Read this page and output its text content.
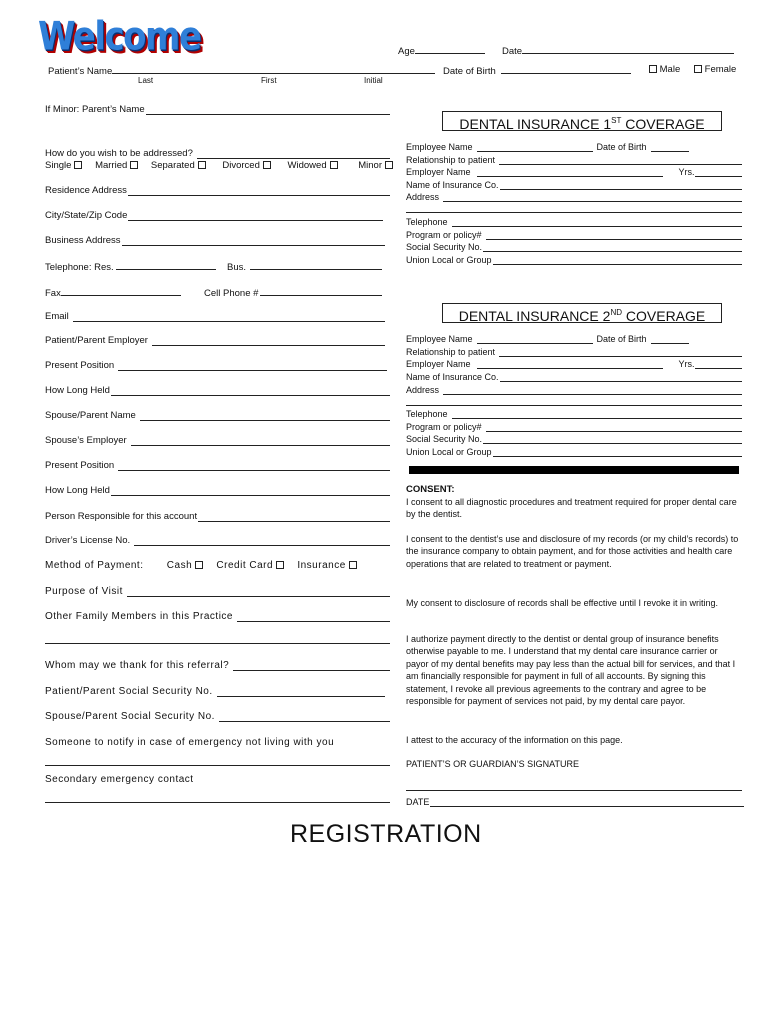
Welcome	Age	Date
Patient’s Name	Date of Birth	Male	Female
Last	First	Initial
If Minor: Parent’s Name
How do you wish to be addressed?
Single Married Separated	Divorced	Widowed	Minor
Residence Address
City/State/Zip Code
Business Address
Telephone: Res.	Bus.
Fax	Cell Phone #
Email
Patient/Parent Employer
Present Position
How Long Held
Spouse/Parent Name
Spouse’s Employer
Present Position
How Long Held
Person Responsible for this account
Driver’s License No.
Method of Payment: Cash Credit Card Insurance
Purpose of Visit
Other Family Members in this Practice
Whom may we thank for this referral?
Patient/Parent Social Security No.
Spouse/Parent Social Security No.
Someone to notify in case of emergency not living with you
Secondary emergency contact
DENTAL INSURANCE 1ST COVERAGE
Employee Name	Date of Birth
Relationship to patient
Employer Name	Yrs.
Name of Insurance Co.
Address
Telephone
Program or policy#
Social Security No.
Union Local or Group
DENTAL INSURANCE 2ND COVERAGE
Employee Name	Date of Birth
Relationship to patient
Employer Name	Yrs.
Name of Insurance Co.
Address
Telephone
Program or policy#
Social Security No.
Union Local or Group
CONSENT:
I consent to all diagnostic procedures and treatment required for proper dental care by the dentist.
I consent to the dentist’s use and disclosure of my records (or my child’s records) to the insurance company to obtain payment, and for those activities and health care operations that are related to treatment or payment.
My consent to disclosure of records shall be effective until I revoke it in writing.
I authorize payment directly to the dentist or dental group of insurance benefits otherwise payable to me. I understand that my dental care insurance carrier or payor of my dental benefits may pay less than the actual bill for services, and that I am financially responsible for payment in full of all accounts. By signing this statement, I revoke all previous agreements to the contrary and agree to be responsible for payment of services not paid, by my dental care payor.
I attest to the accuracy of the information on this page.
PATIENT’S OR GUARDIAN’S SIGNATURE
DATE
REGISTRATION
